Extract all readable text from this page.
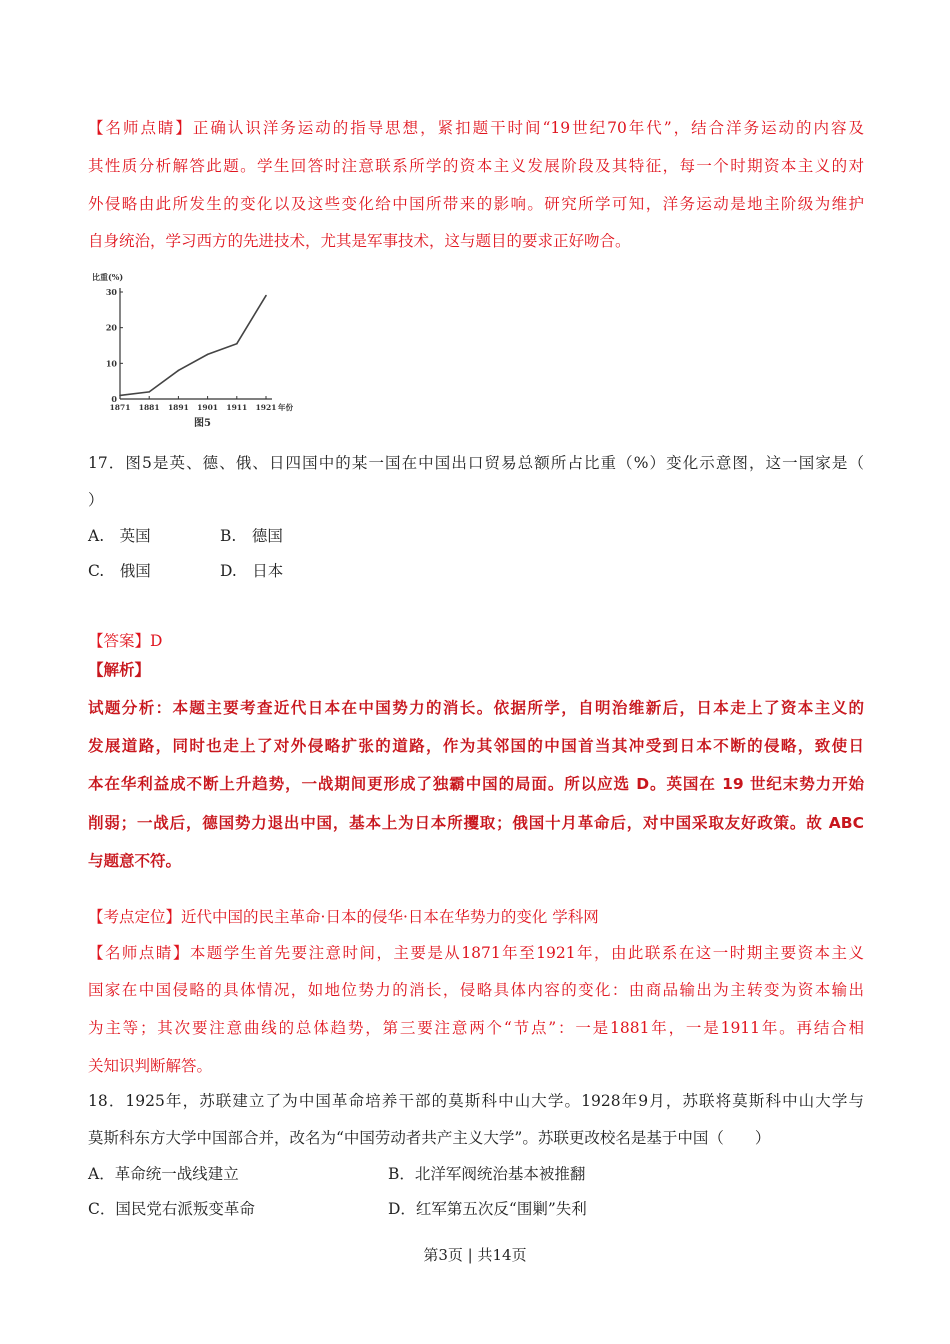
【名师点睛】正确认识洋务运动的指导思想，紧扣题干时间“19世纪70年代”，结合洋务运动的内容及
其性质分析解答此题。学生回答时注意联系所学的资本主义发展阶段及其特征，每一个时期资本主义的对
外侵略由此所发生的变化以及这些变化给中国所带来的影响。研究所学可知，洋务运动是地主阶级为维护
自身统治，学习西方的先进技术，尤其是军事技术，这与题目的要求正好吻合。
比重(%)
0
10
20
30
1871 1881 1891 1901 1911 1921 年份
图5
17．图5是英、德、俄、日四国中的某一国在中国出口贸易总额所占比重（%）变化示意图，这一国家是（
）
A.　英国	B.　德国
C.　俄国	D.　日本
【答案】D
【解析】
试题分析：本题主要考查近代日本在中国势力的消长。依据所学，自明治维新后，日本走上了资本主义的
发展道路，同时也走上了对外侵略扩张的道路，作为其邻国的中国首当其冲受到日本不断的侵略，致使日
本在华利益成不断上升趋势，一战期间更形成了独霸中国的局面。所以应选 D。英国在 19 世纪末势力开始
削弱；一战后，德国势力退出中国，基本上为日本所攫取；俄国十月革命后，对中国采取友好政策。故 ABC
与题意不符。
【考点定位】近代中国的民主革命·日本的侵华·日本在华势力的变化 学科网
【名师点睛】本题学生首先要注意时间，主要是从1871年至1921年，由此联系在这一时期主要资本主义
国家在中国侵略的具体情况，如地位势力的消长，侵略具体内容的变化：由商品输出为主转变为资本输出
为主等；其次要注意曲线的总体趋势，第三要注意两个“节点”：一是1881年，一是1911年。再结合相
关知识判断解答。
18．1925年，苏联建立了为中国革命培养干部的莫斯科中山大学。1928年9月，苏联将莫斯科中山大学与
莫斯科东方大学中国部合并，改名为“中国劳动者共产主义大学”。苏联更改校名是基于中国（　　）
A．革命统一战线建立	B．北洋军阀统治基本被推翻
C．国民党右派叛变革命	D．红军第五次反“围剿”失利
第3页 | 共14页
